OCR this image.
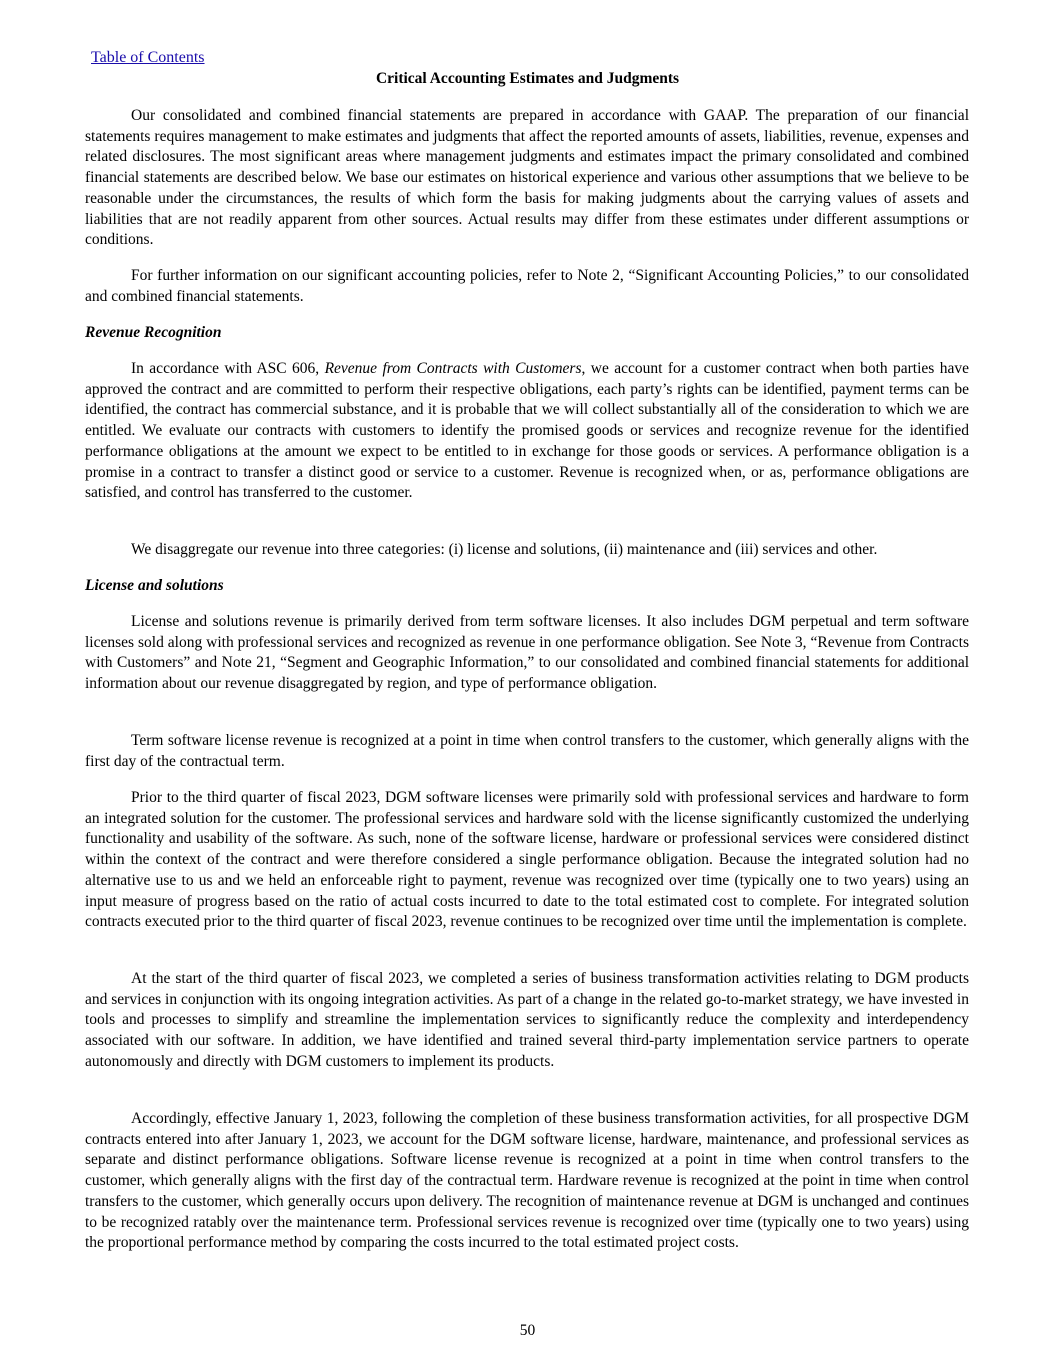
Table of Contents
Critical Accounting Estimates and Judgments

Our consolidated and combined financial statements are prepared in accordance with GAAP. The preparation of our financial statements requires management to make estimates and judgments that affect the reported amounts of assets, liabilities, revenue, expenses and related disclosures. The most significant areas where management judgments and estimates impact the primary consolidated and combined financial statements are described below. We base our estimates on historical experience and various other assumptions that we believe to be reasonable under the circumstances, the results of which form the basis for making judgments about the carrying values of assets and liabilities that are not readily apparent from other sources. Actual results may differ from these estimates under different assumptions or conditions.

For further information on our significant accounting policies, refer to Note 2, “Significant Accounting Policies,” to our consolidated and combined financial statements.

Revenue Recognition

In accordance with ASC 606, Revenue from Contracts with Customers, we account for a customer contract when both parties have approved the contract and are committed to perform their respective obligations, each party’s rights can be identified, payment terms can be identified, the contract has commercial substance, and it is probable that we will collect substantially all of the consideration to which we are entitled. We evaluate our contracts with customers to identify the promised goods or services and recognize revenue for the identified performance obligations at the amount we expect to be entitled to in exchange for those goods or services. A performance obligation is a promise in a contract to transfer a distinct good or service to a customer. Revenue is recognized when, or as, performance obligations are satisfied, and control has transferred to the customer.

We disaggregate our revenue into three categories: (i) license and solutions, (ii) maintenance and (iii) services and other.

License and solutions

License and solutions revenue is primarily derived from term software licenses. It also includes DGM perpetual and term software licenses sold along with professional services and recognized as revenue in one performance obligation. See Note 3, “Revenue from Contracts with Customers” and Note 21, “Segment and Geographic Information,” to our consolidated and combined financial statements for additional information about our revenue disaggregated by region, and type of performance obligation.

Term software license revenue is recognized at a point in time when control transfers to the customer, which generally aligns with the first day of the contractual term.

Prior to the third quarter of fiscal 2023, DGM software licenses were primarily sold with professional services and hardware to form an integrated solution for the customer. The professional services and hardware sold with the license significantly customized the underlying functionality and usability of the software. As such, none of the software license, hardware or professional services were considered distinct within the context of the contract and were therefore considered a single performance obligation. Because the integrated solution had no alternative use to us and we held an enforceable right to payment, revenue was recognized over time (typically one to two years) using an input measure of progress based on the ratio of actual costs incurred to date to the total estimated cost to complete. For integrated solution contracts executed prior to the third quarter of fiscal 2023, revenue continues to be recognized over time until the implementation is complete.

At the start of the third quarter of fiscal 2023, we completed a series of business transformation activities relating to DGM products and services in conjunction with its ongoing integration activities. As part of a change in the related go-to-market strategy, we have invested in tools and processes to simplify and streamline the implementation services to significantly reduce the complexity and interdependency associated with our software. In addition, we have identified and trained several third-party implementation service partners to operate autonomously and directly with DGM customers to implement its products.

Accordingly, effective January 1, 2023, following the completion of these business transformation activities, for all prospective DGM contracts entered into after January 1, 2023, we account for the DGM software license, hardware, maintenance, and professional services as separate and distinct performance obligations. Software license revenue is recognized at a point in time when control transfers to the customer, which generally aligns with the first day of the contractual term. Hardware revenue is recognized at the point in time when control transfers to the customer, which generally occurs upon delivery. The recognition of maintenance revenue at DGM is unchanged and continues to be recognized ratably over the maintenance term. Professional services revenue is recognized over time (typically one to two years) using the proportional performance method by comparing the costs incurred to the total estimated project costs.

50
